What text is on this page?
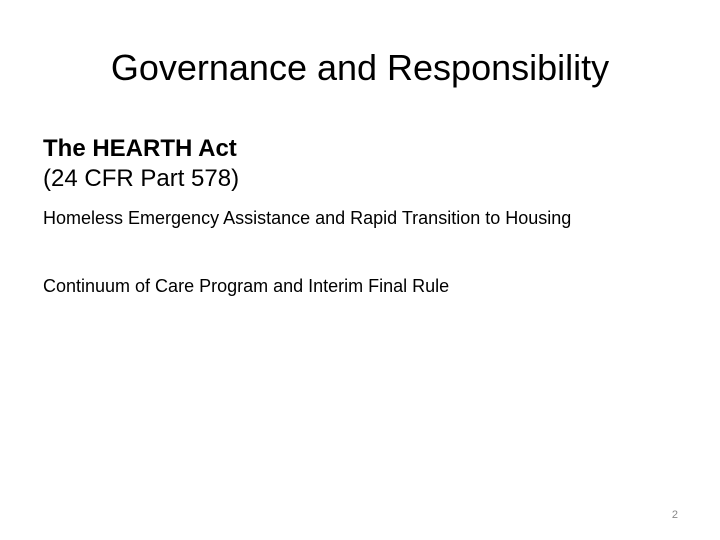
Governance and Responsibility

The HEARTH Act

(24 CFR Part 578)

Homeless Emergency Assistance and Rapid Transition to Housing

Continuum of Care Program and Interim Final Rule

2
